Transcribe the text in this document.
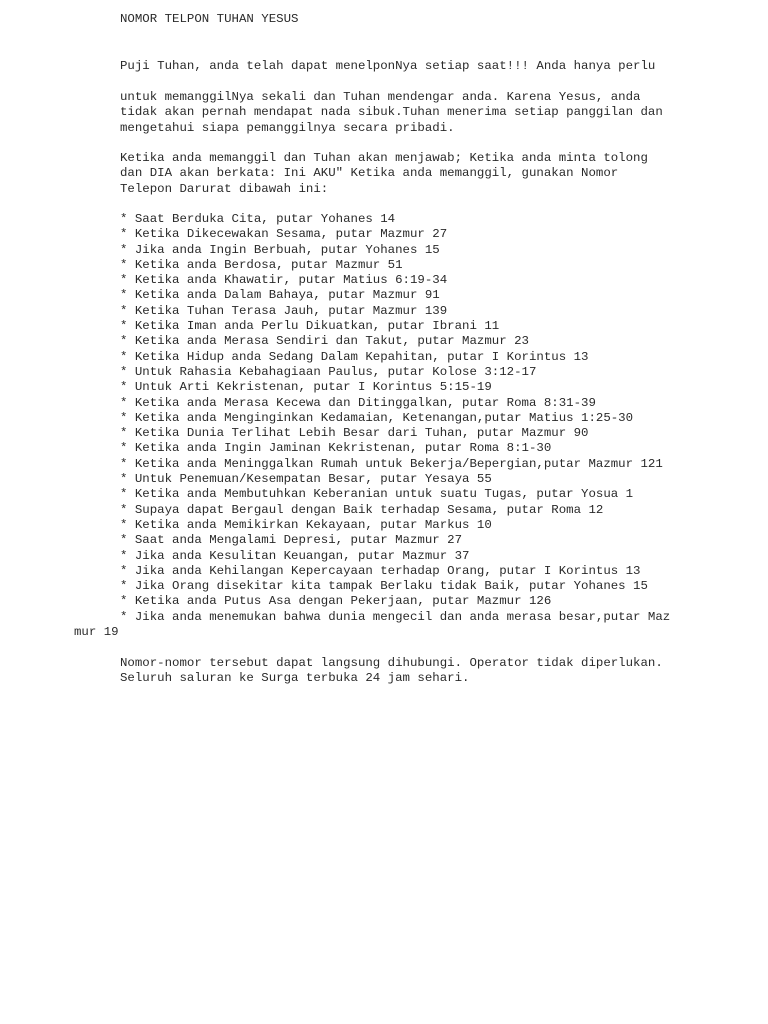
NOMOR TELPON TUHAN YESUS
Puji Tuhan, anda telah dapat menelponNya setiap saat!!! Anda hanya perlu
untuk memanggilNya sekali dan Tuhan mendengar anda. Karena Yesus, anda
tidak akan pernah mendapat nada sibuk.Tuhan menerima setiap panggilan dan
mengetahui siapa pemanggilnya secara pribadi.
Ketika anda memanggil dan Tuhan akan menjawab; Ketika anda minta tolong
dan DIA akan berkata: Ini AKU" Ketika anda memanggil, gunakan Nomor
Telepon Darurat dibawah ini:
* Saat Berduka Cita, putar Yohanes 14
* Ketika Dikecewakan Sesama, putar Mazmur 27
* Jika anda Ingin Berbuah, putar Yohanes 15
* Ketika anda Berdosa, putar Mazmur 51
* Ketika anda Khawatir, putar Matius 6:19-34
* Ketika anda Dalam Bahaya, putar Mazmur 91
* Ketika Tuhan Terasa Jauh, putar Mazmur 139
* Ketika Iman anda Perlu Dikuatkan, putar Ibrani 11
* Ketika anda Merasa Sendiri dan Takut, putar Mazmur 23
* Ketika Hidup anda Sedang Dalam Kepahitan, putar I Korintus 13
* Untuk Rahasia Kebahagiaan Paulus, putar Kolose 3:12-17
* Untuk Arti Kekristenan, putar I Korintus 5:15-19
* Ketika anda Merasa Kecewa dan Ditinggalkan, putar Roma 8:31-39
* Ketika anda Menginginkan Kedamaian, Ketenangan,putar Matius 1:25-30
* Ketika Dunia Terlihat Lebih Besar dari Tuhan, putar Mazmur 90
* Ketika anda Ingin Jaminan Kekristenan, putar Roma 8:1-30
* Ketika anda Meninggalkan Rumah untuk Bekerja/Bepergian,putar Mazmur 121
* Untuk Penemuan/Kesempatan Besar, putar Yesaya 55
* Ketika anda Membutuhkan Keberanian untuk suatu Tugas, putar Yosua 1
* Supaya dapat Bergaul dengan Baik terhadap Sesama, putar Roma 12
* Ketika anda Memikirkan Kekayaan, putar Markus 10
* Saat anda Mengalami Depresi, putar Mazmur 27
* Jika anda Kesulitan Keuangan, putar Mazmur 37
* Jika anda Kehilangan Kepercayaan terhadap Orang, putar I Korintus 13
* Jika Orang disekitar kita tampak Berlaku tidak Baik, putar Yohanes 15
* Ketika anda Putus Asa dengan Pekerjaan, putar Mazmur 126
* Jika anda menemukan bahwa dunia mengecil dan anda merasa besar,putar Maz
mur 19
Nomor-nomor tersebut dapat langsung dihubungi. Operator tidak diperlukan.
Seluruh saluran ke Surga terbuka 24 jam sehari.
